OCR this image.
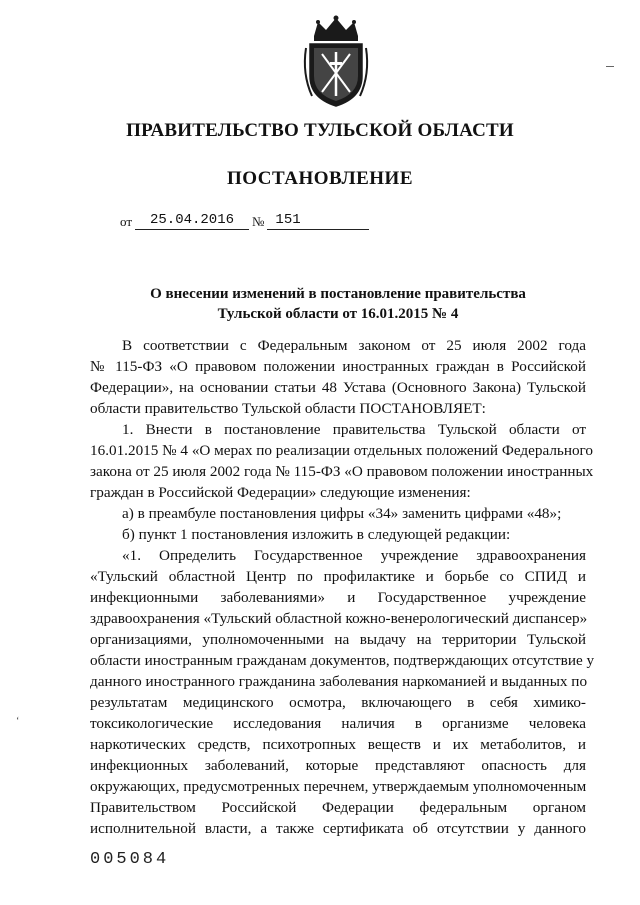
ПРАВИТЕЛЬСТВО ТУЛЬСКОЙ ОБЛАСТИ
ПОСТАНОВЛЕНИЕ
от	25.04.2016	№ 151
О внесении изменений в постановление правительства
Тульской области от 16.01.2015 № 4
В соответствии с Федеральным законом от 25 июля 2002 года
№ 115-ФЗ «О правовом положении иностранных граждан в Российской
Федерации», на основании статьи 48 Устава (Основного Закона) Тульской
области правительство Тульской области ПОСТАНОВЛЯЕТ:
1. Внести в постановление правительства Тульской области от
16.01.2015 № 4 «О мерах по реализации отдельных положений Федерального
закона от 25 июля 2002 года № 115-ФЗ «О правовом положении иностранных
граждан в Российской Федерации» следующие изменения:
а) в преамбуле постановления цифры «34» заменить цифрами «48»;
б) пункт 1 постановления изложить в следующей редакции:
«1. Определить Государственное учреждение здравоохранения
«Тульский областной Центр по профилактике и борьбе со СПИД и
инфекционными заболеваниями» и Государственное учреждение
здравоохранения «Тульский областной кожно-венерологический диспансер»
организациями, уполномоченными на выдачу на территории Тульской
области иностранным гражданам документов, подтверждающих отсутствие у
данного иностранного гражданина заболевания наркоманией и выданных по
результатам медицинского осмотра, включающего в себя химико-
токсикологические исследования наличия в организме человека
наркотических средств, психотропных веществ и их метаболитов, и
инфекционных заболеваний, которые представляют опасность для
окружающих, предусмотренных перечнем, утверждаемым уполномоченным
Правительством Российской Федерации федеральным органом
исполнительной власти, а также сертификата об отсутствии у данного
‘
005084
